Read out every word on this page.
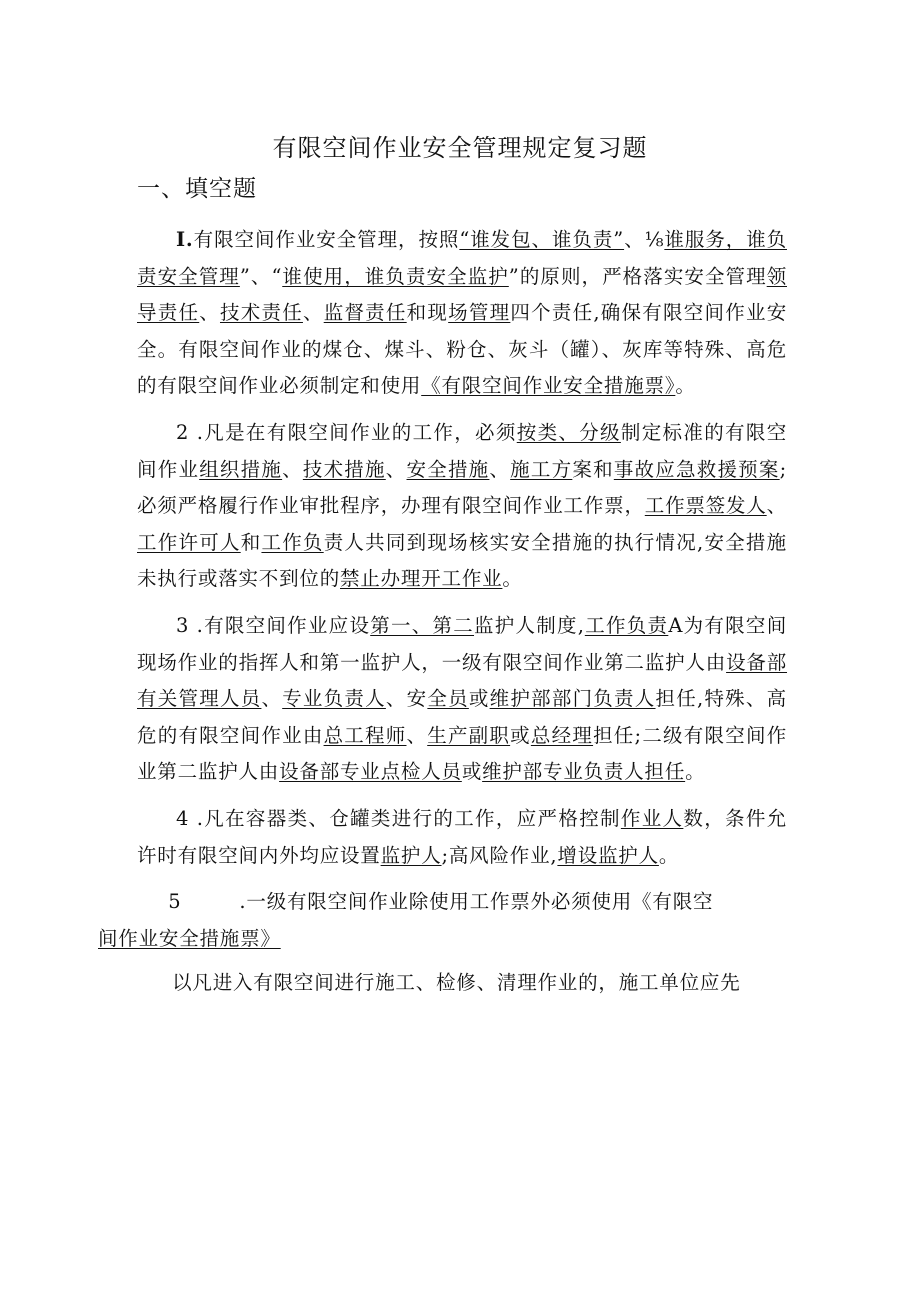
有限空间作业安全管理规定复习题
一、填空题

I.有限空间作业安全管理，按照“谁发包、谁负责”、⅛谁服务，谁负责安全管理”、“谁使用，谁负责安全监护”的原则，严格落实安全管理领导责任、技术责任、监督责任和现场管理四个责任,确保有限空间作业安全。有限空间作业的煤仓、煤斗、粉仓、灰斗（罐）、灰库等特殊、高危的有限空间作业必须制定和使用《有限空间作业安全措施票》。

2 .凡是在有限空间作业的工作，必须按类、分级制定标准的有限空间作业组织措施、技术措施、安全措施、施工方案和事故应急救援预案;必须严格履行作业审批程序，办理有限空间作业工作票，工作票签发人、工作许可人和工作负责人共同到现场核实安全措施的执行情况,安全措施未执行或落实不到位的禁止办理开工作业。

3 .有限空间作业应设第一、第二监护人制度,工作负责A为有限空间现场作业的指挥人和第一监护人，一级有限空间作业第二监护人由设备部有关管理人员、专业负责人、安全员或维护部部门负责人担任,特殊、高危的有限空间作业由总工程师、生产副职或总经理担任;二级有限空间作业第二监护人由设备部专业点检人员或维护部专业负责人担任。

4 .凡在容器类、仓罐类进行的工作，应严格控制作业人数，条件允许时有限空间内外均应设置监护人;高风险作业,增设监护人。

5	.一级有限空间作业除使用工作票外必须使用《有限空
间作业安全措施票》

以凡进入有限空间进行施工、检修、清理作业的，施工单位应先
